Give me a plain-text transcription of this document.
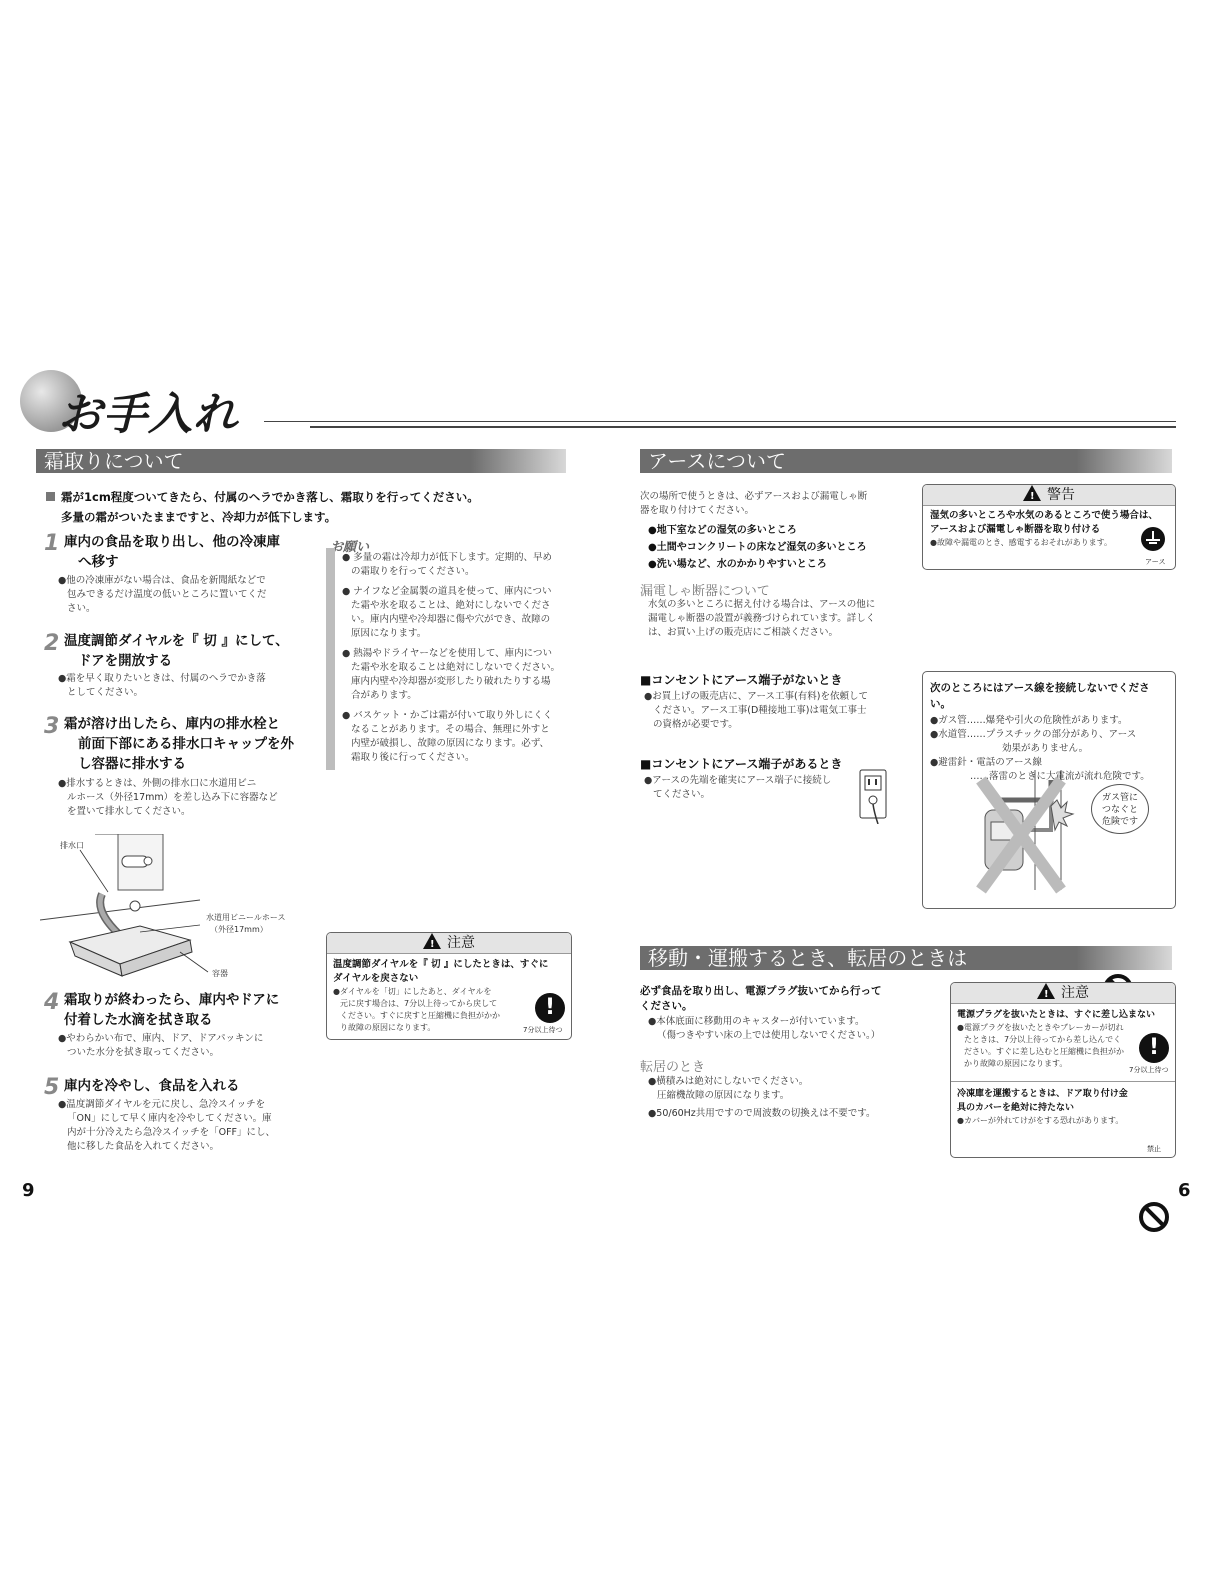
お手入れ
霜取りについて
霜が1cm程度ついてきたら、付属のヘラでかき落し、霜取りを行ってください。
多量の霜がついたままですと、冷却力が低下します。
1 庫内の食品を取り出し、他の冷凍庫
へ移す
●他の冷凍庫がない場合は、食品を新聞紙などで
包みできるだけ温度の低いところに置いてくだ
さい。
2 温度調節ダイヤルを『 切 』にして、
ドアを開放する
●霜を早く取りたいときは、付属のヘラでかき落
としてください。
3 霜が溶け出したら、庫内の排水栓と
前面下部にある排水口キャップを外
し容器に排水する
●排水するときは、外側の排水口に水道用ビニ
ルホース（外径17mm）を差し込み下に容器など
を置いて排水してください。
排水口
水道用ビニールホース
（外径17mm）
容器
4 霜取りが終わったら、庫内やドアに
付着した水滴を拭き取る
●やわらかい布で、庫内、ドア、ドアパッキンに
ついた水分を拭き取ってください。
5 庫内を冷やし、食品を入れる
●温度調節ダイヤルを元に戻し、急冷スイッチを
「ON」にして早く庫内を冷やしてください。庫
内が十分冷えたら急冷スイッチを「OFF」にし、
他に移した食品を入れてください。
お願い
● 多量の霜は冷却力が低下します。定期的、早め
の霜取りを行ってください。
● ナイフなど金属製の道具を使って、庫内につい
た霜や氷を取ることは、絶対にしないでくださ
い。庫内内壁や冷却器に傷や穴ができ、故障の
原因になります。
● 熱湯やドライヤーなどを使用して、庫内につい
た霜や氷を取ることは絶対にしないでください。
庫内内壁や冷却器が変形したり破れたりする場
合があります。
● バスケット・かごは霜が付いて取り外しにくく
なることがあります。その場合、無理に外すと
内壁が破損し、故障の原因になります。必ず、
霜取り後に行ってください。
!注意
温度調節ダイヤルを『 切 』にしたときは、すぐに
ダイヤルを戻さない
●ダイヤルを「切」にしたあと、ダイヤルを
元に戻す場合は、7分以上待ってから戻して
ください。すぐに戻すと圧縮機に負担がかか
り故障の原因になります。
!
7分以上待つ
9
アースについて
次の場所で使うときは、必ずアースおよび漏電しゃ断
器を取り付けてください。
●地下室などの湿気の多いところ
●土間やコンクリートの床など湿気の多いところ
●洗い場など、水のかかりやすいところ
漏電しゃ断器について
水気の多いところに据え付ける場合は、アースの他に
漏電しゃ断器の設置が義務づけられています。詳しく
は、お買い上げの販売店にご相談ください。
!警告
湿気の多いところや水気のあるところで使う場合は、
アースおよび漏電しゃ断器を取り付ける
●故障や漏電のとき、感電するおそれがあります。
アース
■コンセントにアース端子がないとき
●お買上げの販売店に、アース工事(有料)を依頼して
ください。アース工事(D種接地工事)は電気工事士
の資格が必要です。
■コンセントにアース端子があるとき
●アースの先端を確実にアース端子に接続し
てください。
次のところにはアース線を接続しないでください。
●ガス管……爆発や引火の危険性があります。
●水道管……プラスチックの部分があり、アース
効果がありません。
●避雷針・電話のアース線
……落雷のときに大電流が流れ危険です。
ガス管に
つなぐと
危険です
移動・運搬するとき、転居のときは
必ず食品を取り出し、電源プラグ抜いてから行って
ください。
●本体底面に移動用のキャスターが付いています。
（傷つきやすい床の上では使用しないでください。）
転居のとき
●横積みは絶対にしないでください。
圧縮機故障の原因になります。
●50/60Hz共用ですので周波数の切換えは不要です。
!注意
電源プラグを抜いたときは、すぐに差し込まない
●電源プラグを抜いたときやブレーカーが切れ
たときは、7分以上待ってから差し込んでく
ださい。すぐに差し込むと圧縮機に負担がか
かり故障の原因になります。
!
7分以上待つ
冷凍庫を運搬するときは、ドア取り付け金
具のカバーを絶対に持たない
●カバーが外れてけがをする恐れがあります。
禁止
6
